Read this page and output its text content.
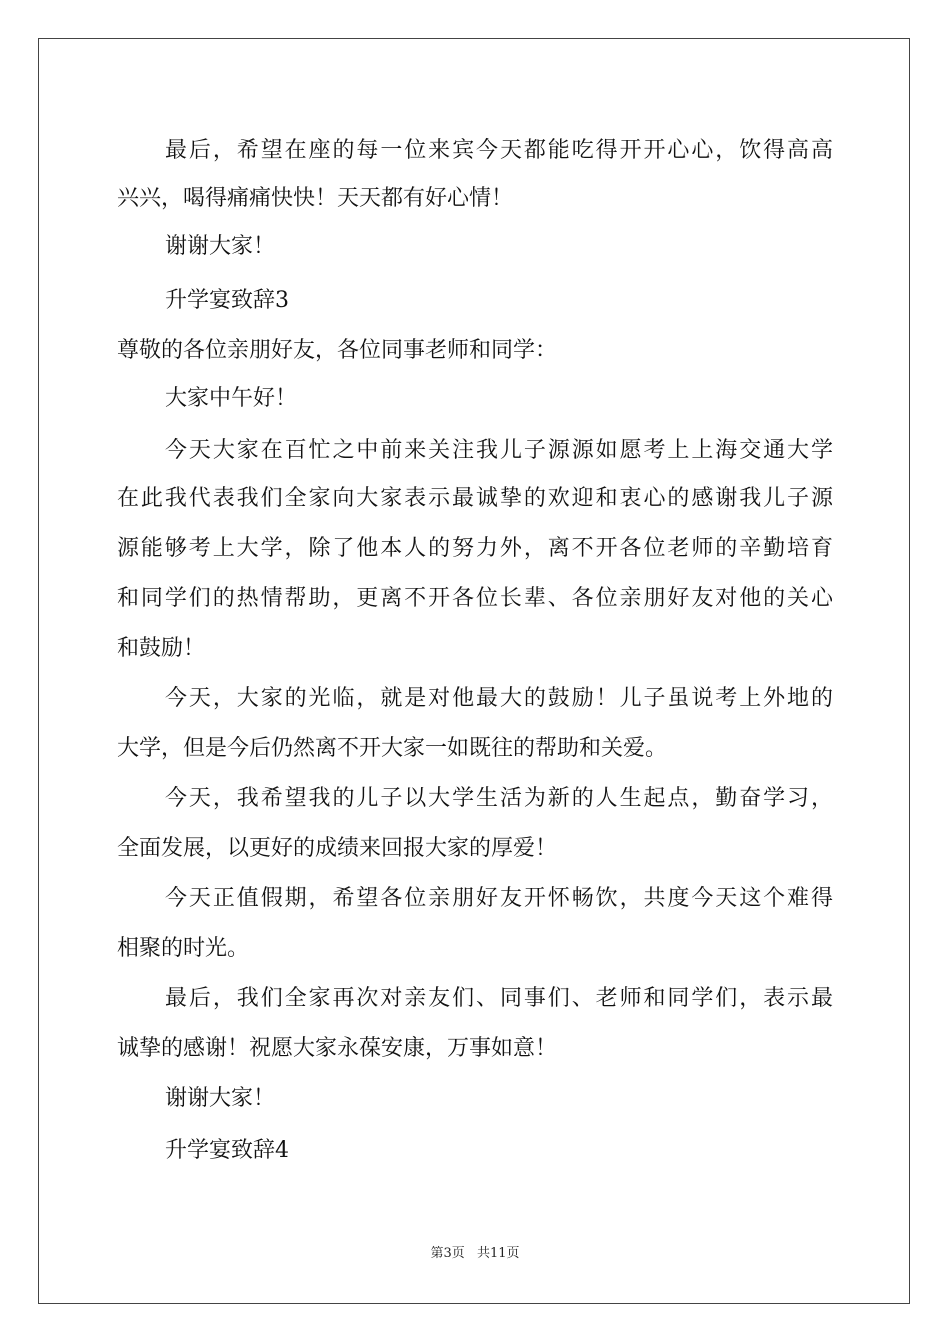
最后，希望在座的每一位来宾今天都能吃得开开心心，饮得高高
兴兴，喝得痛痛快快！天天都有好心情！
谢谢大家！
升学宴致辞3
尊敬的各位亲朋好友，各位同事老师和同学：
大家中午好！
今天大家在百忙之中前来关注我儿子源源如愿考上上海交通大学
在此我代表我们全家向大家表示最诚挚的欢迎和衷心的感谢我儿子源
源能够考上大学，除了他本人的努力外，离不开各位老师的辛勤培育
和同学们的热情帮助，更离不开各位长辈、各位亲朋好友对他的关心
和鼓励！
今天，大家的光临，就是对他最大的鼓励！儿子虽说考上外地的
大学，但是今后仍然离不开大家一如既往的帮助和关爱。
今天，我希望我的儿子以大学生活为新的人生起点，勤奋学习，
全面发展，以更好的成绩来回报大家的厚爱！
今天正值假期，希望各位亲朋好友开怀畅饮，共度今天这个难得
相聚的时光。
最后，我们全家再次对亲友们、同事们、老师和同学们，表示最
诚挚的感谢！祝愿大家永葆安康，万事如意！
谢谢大家！
升学宴致辞4
第3页 共11页
